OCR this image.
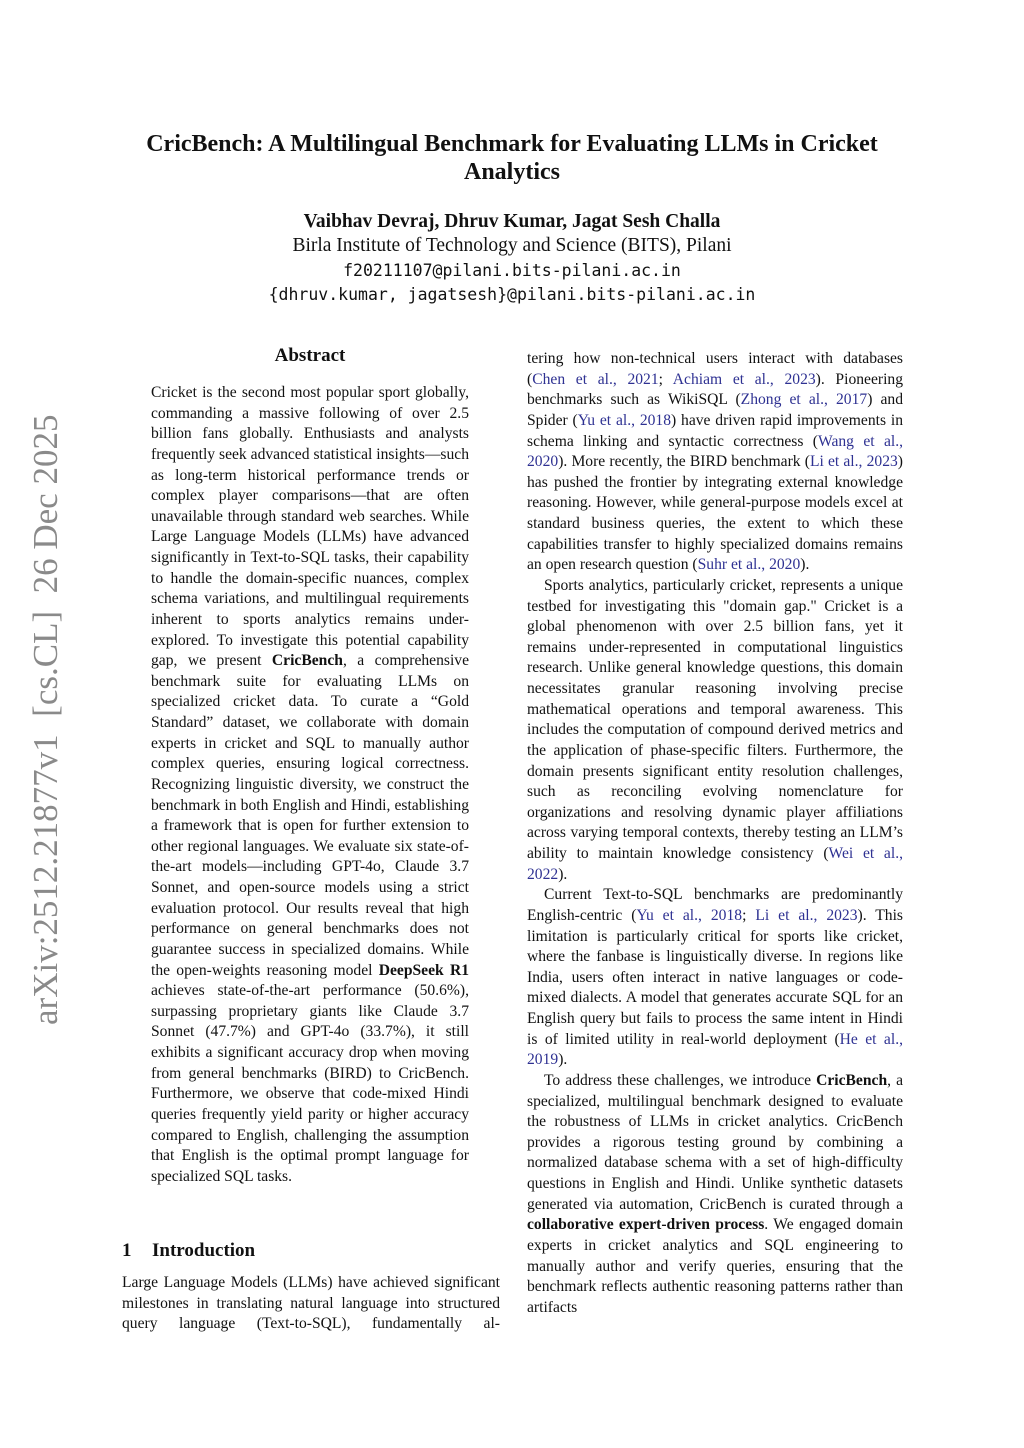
arXiv:2512.21877v1  [cs.CL]  26 Dec 2025
CricBench: A Multilingual Benchmark for Evaluating LLMs in Cricket
Analytics
Vaibhav Devraj, Dhruv Kumar, Jagat Sesh Challa
Birla Institute of Technology and Science (BITS), Pilani
f20211107@pilani.bits-pilani.ac.in
{dhruv.kumar, jagatsesh}@pilani.bits-pilani.ac.in
Abstract

Cricket is the second most popular sport globally, commanding a massive following of over 2.5 billion fans globally. Enthusiasts and analysts frequently seek advanced statistical insights—such as long-term historical performance trends or complex player comparisons—that are often unavailable through standard web searches. While Large Language Models (LLMs) have advanced significantly in Text-to-SQL tasks, their capability to handle the domain-specific nuances, complex schema variations, and multilingual requirements inherent to sports analytics remains under-explored. To investigate this potential capability gap, we present CricBench, a comprehensive benchmark suite for evaluating LLMs on specialized cricket data. To curate a “Gold Standard” dataset, we collaborate with domain experts in cricket and SQL to manually author complex queries, ensuring logical correctness. Recognizing linguistic diversity, we construct the benchmark in both English and Hindi, establishing a framework that is open for further extension to other regional languages. We evaluate six state-of-the-art models—including GPT-4o, Claude 3.7 Sonnet, and open-source models using a strict evaluation protocol. Our results reveal that high performance on general benchmarks does not guarantee success in specialized domains. While the open-weights reasoning model DeepSeek R1 achieves state-of-the-art performance (50.6%), surpassing proprietary giants like Claude 3.7 Sonnet (47.7%) and GPT-4o (33.7%), it still exhibits a significant accuracy drop when moving from general benchmarks (BIRD) to CricBench. Furthermore, we observe that code-mixed Hindi queries frequently yield parity or higher accuracy compared to English, challenging the assumption that English is the optimal prompt language for specialized SQL tasks.

1 Introduction

Large Language Models (LLMs) have achieved significant milestones in translating natural language into structured query language (Text-to-SQL), fundamentally al-

tering how non-technical users interact with databases (Chen et al., 2021; Achiam et al., 2023). Pioneering benchmarks such as WikiSQL (Zhong et al., 2017) and Spider (Yu et al., 2018) have driven rapid improvements in schema linking and syntactic correctness (Wang et al., 2020). More recently, the BIRD benchmark (Li et al., 2023) has pushed the frontier by integrating external knowledge reasoning. However, while general-purpose models excel at standard business queries, the extent to which these capabilities transfer to highly specialized domains remains an open research question (Suhr et al., 2020).

Sports analytics, particularly cricket, represents a unique testbed for investigating this "domain gap." Cricket is a global phenomenon with over 2.5 billion fans, yet it remains under-represented in computational linguistics research. Unlike general knowledge questions, this domain necessitates granular reasoning involving precise mathematical operations and temporal awareness. This includes the computation of compound derived metrics and the application of phase-specific filters. Furthermore, the domain presents significant entity resolution challenges, such as reconciling evolving nomenclature for organizations and resolving dynamic player affiliations across varying temporal contexts, thereby testing an LLM’s ability to maintain knowledge consistency (Wei et al., 2022).

Current Text-to-SQL benchmarks are predominantly English-centric (Yu et al., 2018; Li et al., 2023). This limitation is particularly critical for sports like cricket, where the fanbase is linguistically diverse. In regions like India, users often interact in native languages or code-mixed dialects. A model that generates accurate SQL for an English query but fails to process the same intent in Hindi is of limited utility in real-world deployment (He et al., 2019).

To address these challenges, we introduce CricBench, a specialized, multilingual benchmark designed to evaluate the robustness of LLMs in cricket analytics. CricBench provides a rigorous testing ground by combining a normalized database schema with a set of high-difficulty questions in English and Hindi. Unlike synthetic datasets generated via automation, CricBench is curated through a collaborative expert-driven process. We engaged domain experts in cricket analytics and SQL engineering to manually author and verify queries, ensuring that the benchmark reflects authentic reasoning patterns rather than artifacts
